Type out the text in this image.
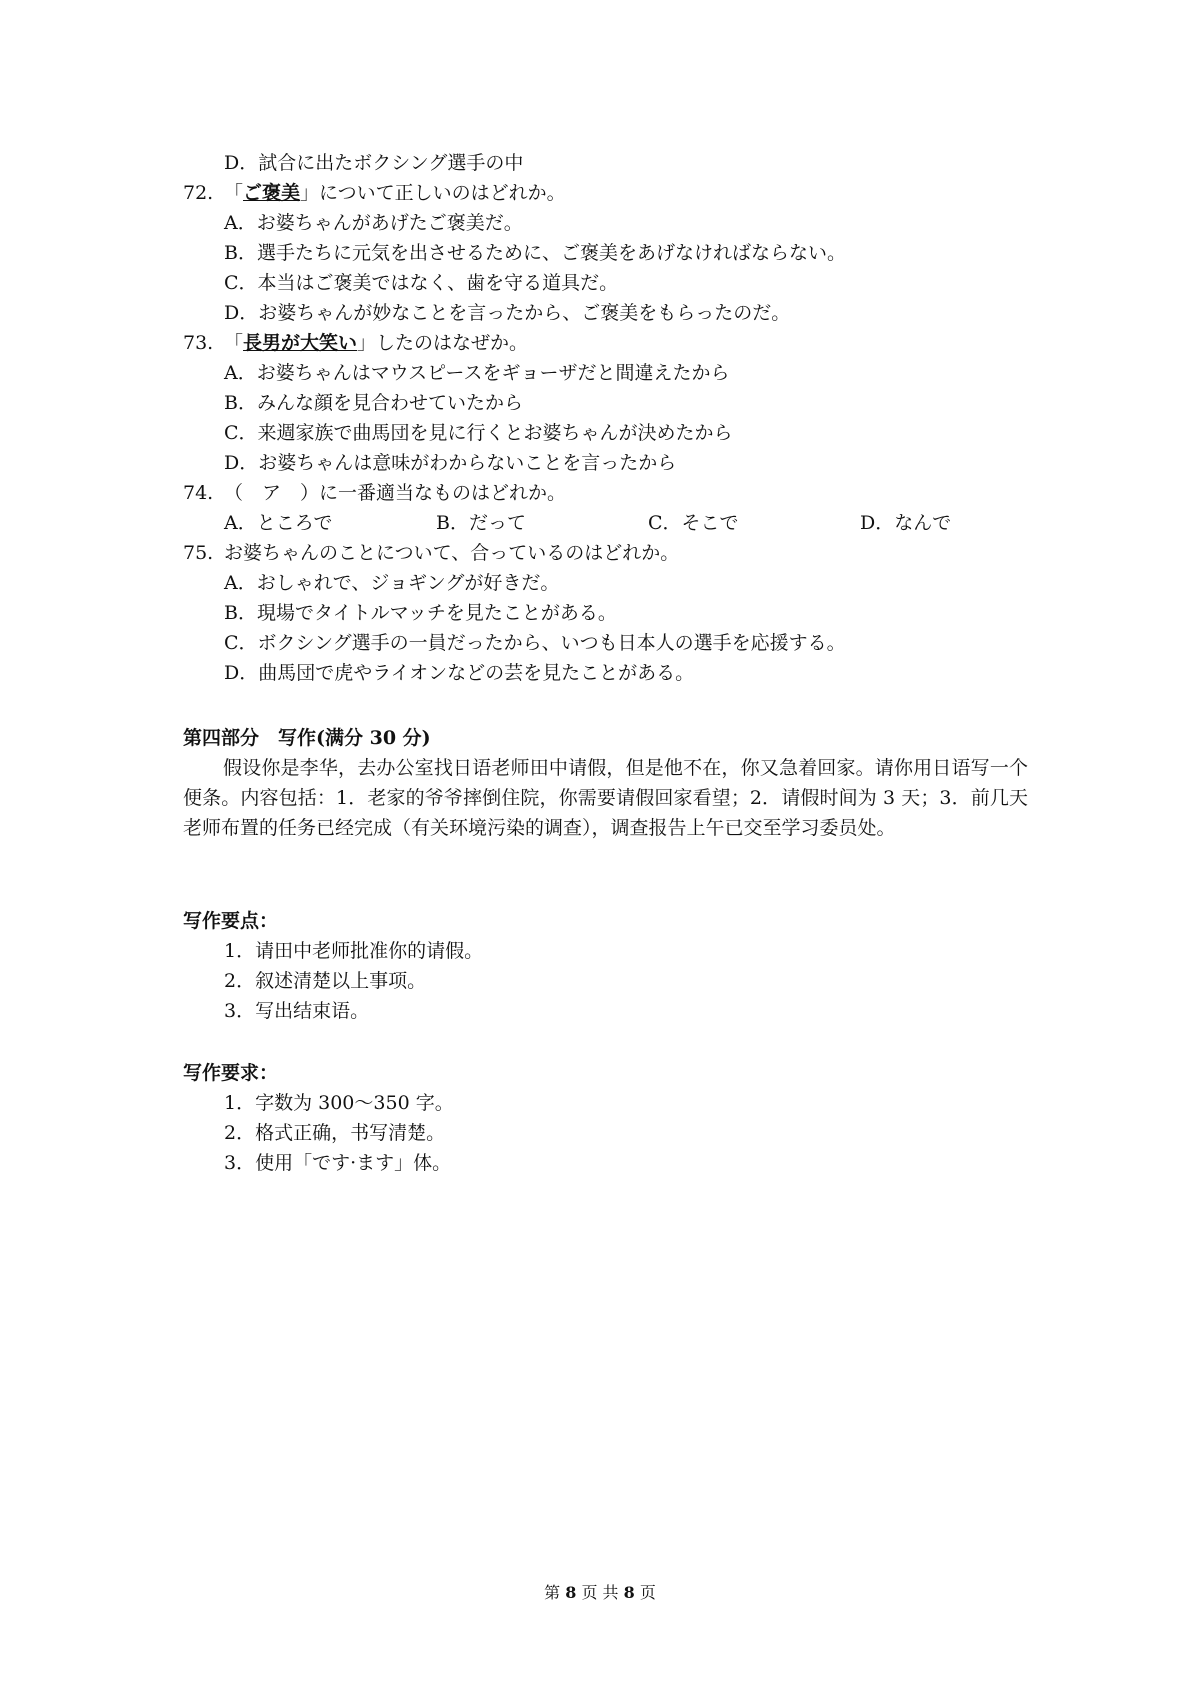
D．試合に出たボクシング選手の中
72. 「ご褒美」について正しいのはどれか。
A．お婆ちゃんがあげたご褒美だ。
B．選手たちに元気を出させるために、ご褒美をあげなければならない。
C．本当はご褒美ではなく、歯を守る道具だ。
D．お婆ちゃんが妙なことを言ったから、ご褒美をもらったのだ。
73. 「長男が大笑い」したのはなぜか。
A．お婆ちゃんはマウスピースをギョーザだと間違えたから
B．みんな顔を見合わせていたから
C．来週家族で曲馬団を見に行くとお婆ちゃんが決めたから
D．お婆ちゃんは意味がわからないことを言ったから
74. （　ア　）に一番適当なものはどれか。
A．ところで	B．だって	C．そこで	D．なんで
75. お婆ちゃんのことについて、合っているのはどれか。
A．おしゃれで、ジョギングが好きだ。
B．現場でタイトルマッチを見たことがある。
C．ボクシング選手の一員だったから、いつも日本人の選手を応援する。
D．曲馬団で虎やライオンなどの芸を見たことがある。
第四部分　写作(满分 30 分)
假设你是李华，去办公室找日语老师田中请假，但是他不在，你又急着回家。请你用日语写一个便条。内容包括：1．老家的爷爷摔倒住院，你需要请假回家看望；2．请假时间为 3 天；3．前几天老师布置的任务已经完成（有关环境污染的调查），调查报告上午已交至学习委员处。
写作要点：
1．请田中老师批准你的请假。
2．叙述清楚以上事项。
3．写出结束语。
写作要求：
1．字数为 300～350 字。
2．格式正确，书写清楚。
3．使用「です·ます」体。
第 8 页 共 8 页
